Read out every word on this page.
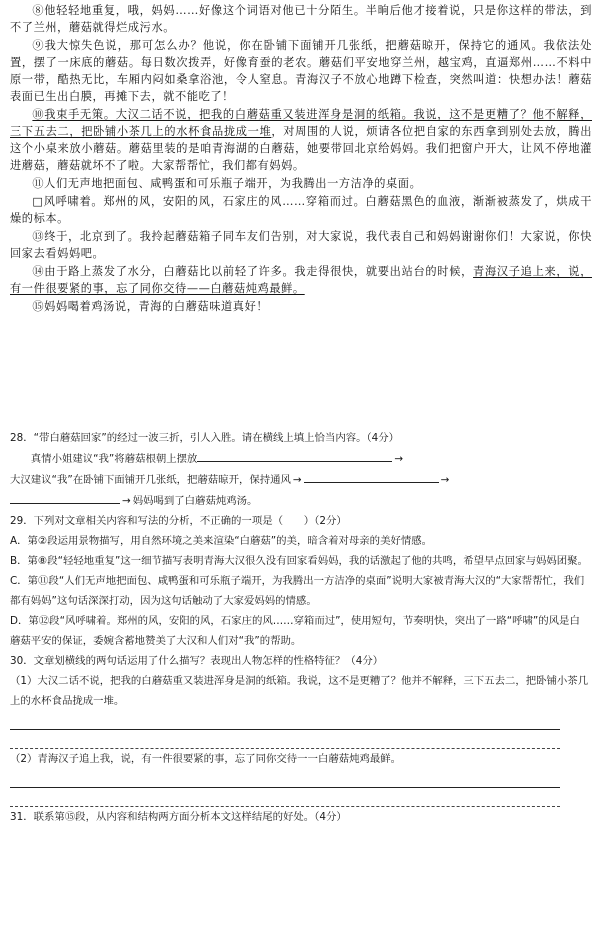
⑧他轻轻地重复，哦，妈妈……好像这个词语对他已十分陌生。半晌后他才接着说，只是你这样的带法，到不了兰州，蘑菇就得烂成污水。

⑨我大惊失色说，那可怎么办？他说，你在卧铺下面铺开几张纸，把蘑菇晾开，保持它的通风。我依法处置，摆了一床底的蘑菇。每日数次拨弄，好像育蚕的老农。蘑菇们平安地穿兰州，越宝鸡，直逼郑州……不料中原一带，酷热无比，车厢内闷如桑拿浴池，令人窒息。青海汉子不放心地蹲下检查，突然叫道：快想办法！蘑菇表面已生出白膜，再摊下去，就不能吃了！

⑩我束手无策。大汉二话不说，把我的白蘑菇重又装进浑身是洞的纸箱。我说，这不是更糟了？他不解释，三下五去二，把卧铺小茶几上的水杯食品拢成一堆，对周围的人说，烦请各位把自家的东西拿到别处去放，腾出这个小桌来放小蘑菇。蘑菇里装的是咱青海湖的白蘑菇，她要带回北京给妈妈。我们把窗户开大，让风不停地灌进蘑菇，蘑菇就坏不了啦。大家帮帮忙，我们都有妈妈。

⑪人们无声地把面包、咸鸭蛋和可乐瓶子端开，为我腾出一方洁净的桌面。

□风呼啸着。郑州的风，安阳的风，石家庄的风……穿箱而过。白蘑菇黑色的血液，渐渐被蒸发了，烘成干燥的标本。

⑬终于，北京到了。我拎起蘑菇箱子同车友们告别，对大家说，我代表自己和妈妈谢谢你们！大家说，你快回家去看妈妈吧。

⑭由于路上蒸发了水分，白蘑菇比以前轻了许多。我走得很快，就要出站台的时候，青海汉子追上来，说，有一件很要紧的事，忘了同你交待——白蘑菇炖鸡最鲜。

⑮妈妈喝着鸡汤说，青海的白蘑菇味道真好！

28．“带白蘑菇回家”的经过一波三折，引人入胜。请在横线上填上恰当内容。（4分）

真情小姐建议“我”将蘑菇根朝上摆放	→

大汉建议“我”在卧铺下面铺开几张纸，把蘑菇晾开，保持通风 →	→

→ 妈妈喝到了白蘑菇炖鸡汤。

29．下列对文章相关内容和写法的分析，不正确的一项是（　　）（2分）

A．第②段运用景物描写，用自然环境之美来渲染“白蘑菇”的美，暗含着对母亲的美好情感。

B．第⑧段“轻轻地重复”这一细节描写表明青海大汉很久没有回家看妈妈，我的话激起了他的共鸣，希望早点回家与妈妈团聚。

C．第⑪段“人们无声地把面包、咸鸭蛋和可乐瓶子端开，为我腾出一方洁净的桌面”说明大家被青海大汉的“大家帮帮忙，我们都有妈妈”这句话深深打动，因为这句话触动了大家爱妈妈的情感。

D．第⑫段“风呼啸着。郑州的风，安阳的风，石家庄的风……穿箱而过”，使用短句，节奏明快，突出了一路“呼啸”的风是白蘑菇平安的保证，委婉含蓄地赞美了大汉和人们对“我”的帮助。

30．文章划横线的两句话运用了什么描写？表现出人物怎样的性格特征？（4分）

（1）大汉二话不说，把我的白蘑菇重又装进浑身是洞的纸箱。我说，这不是更糟了？他并不解释，三下五去二，把卧铺小茶几上的水杯食品拢成一堆。

（2）青海汉子追上我，说，有一件很要紧的事，忘了同你交待一一白蘑菇炖鸡最鲜。

31．联系第⑮段，从内容和结构两方面分析本文这样结尾的好处。（4分）
